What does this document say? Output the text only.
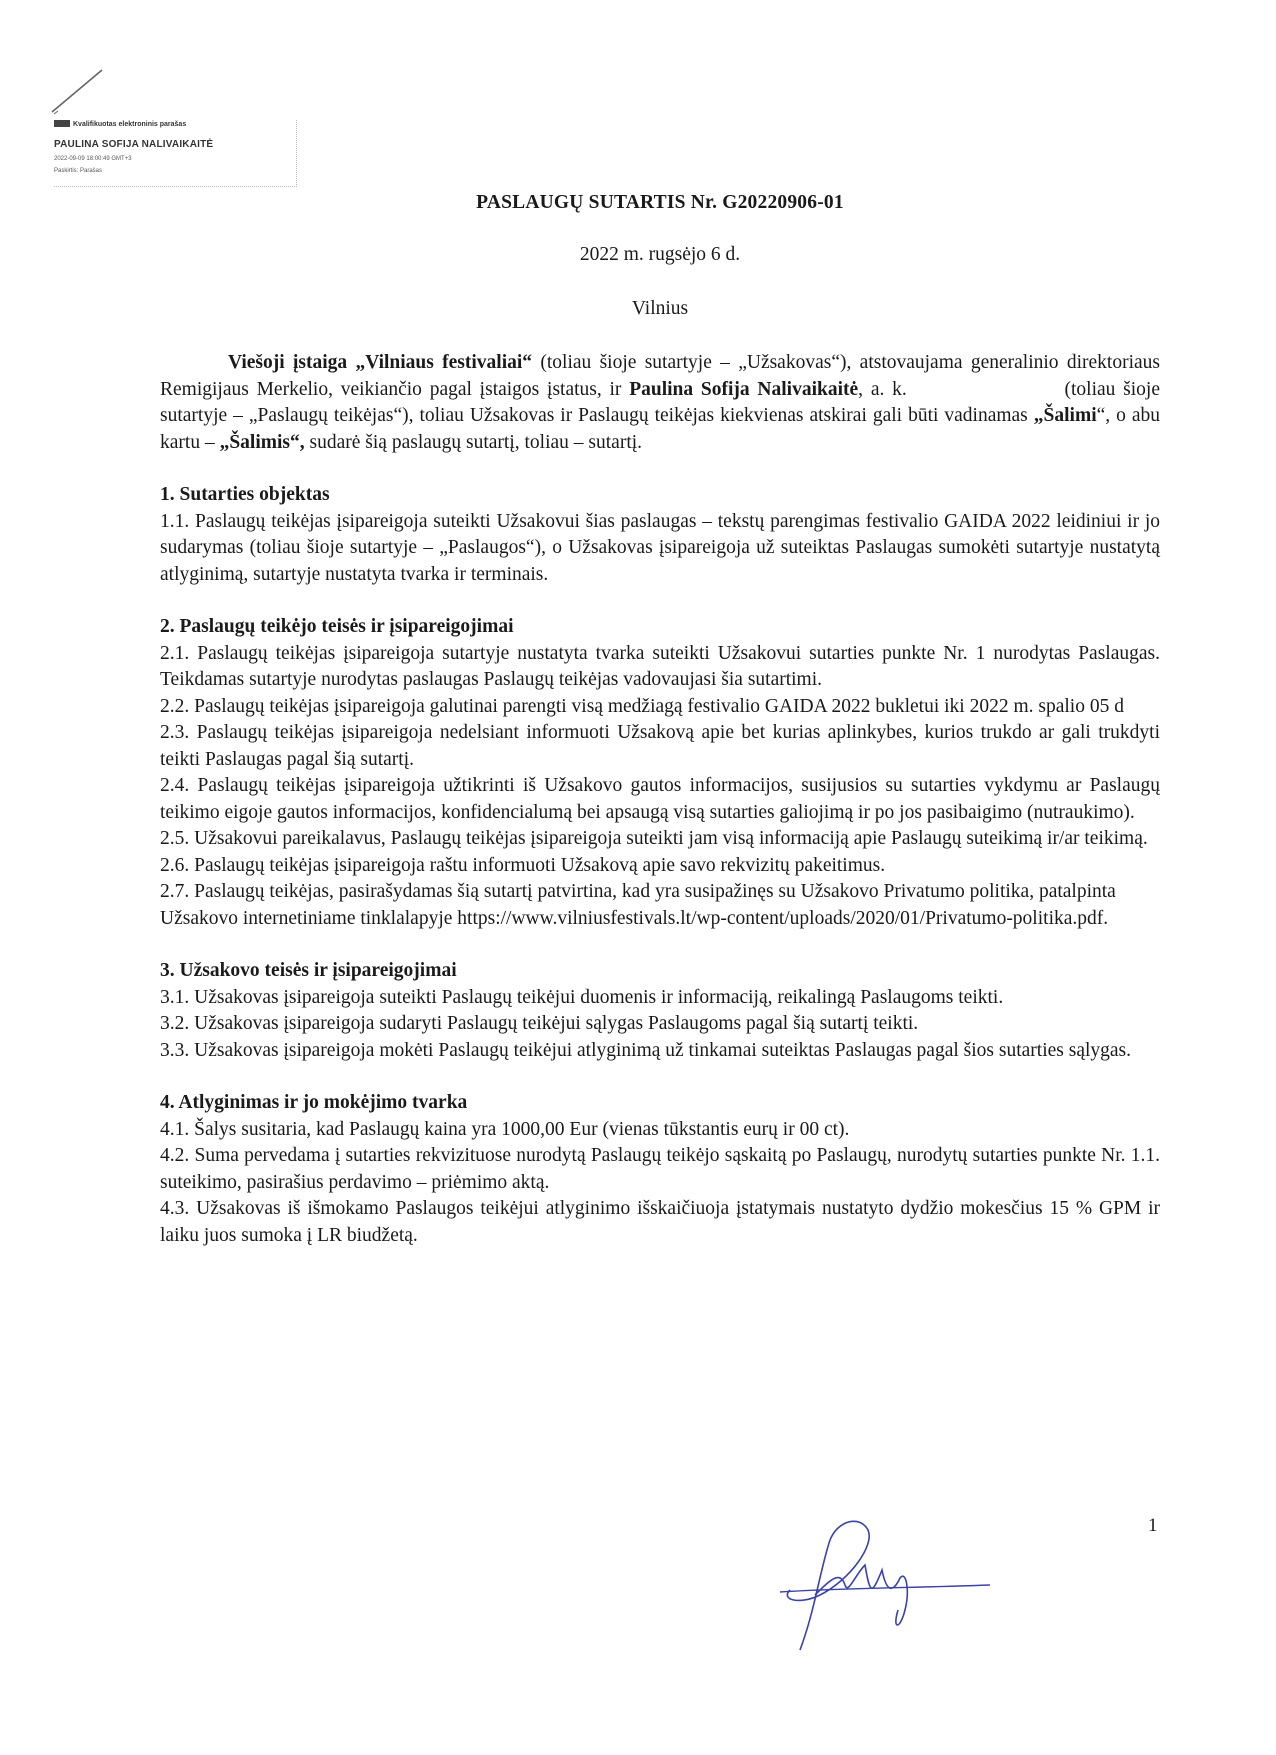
Kvalifikuotas elektroninis parašas
PAULINA SOFIJA NALIVAIKAITĖ
2022-09-09 18:00:49 GMT+3
Paskirtis: Parašas
PASLAUGŲ SUTARTIS Nr. G20220906-01
2022 m. rugsėjo 6 d.
Vilnius

Viešoji įstaiga „Vilniaus festivaliai“ (toliau šioje sutartyje – „Užsakovas“), atstovaujama generalinio direktoriaus Remigijaus Merkelio, veikiančio pagal įstaigos įstatus, ir Paulina Sofija Nalivaikaitė, a. k.	(toliau šioje sutartyje – „Paslaugų teikėjas“), toliau Užsakovas ir Paslaugų teikėjas kiekvienas atskirai gali būti vadinamas „Šalimi“, o abu kartu – „Šalimis“, sudarė šią paslaugų sutartį, toliau – sutartį.

1. Sutarties objektas

1.1. Paslaugų teikėjas įsipareigoja suteikti Užsakovui šias paslaugas – tekstų parengimas festivalio GAIDA 2022 leidiniui ir jo sudarymas (toliau šioje sutartyje – „Paslaugos“), o Užsakovas įsipareigoja už suteiktas Paslaugas sumokėti sutartyje nustatytą atlyginimą, sutartyje nustatyta tvarka ir terminais.

2. Paslaugų teikėjo teisės ir įsipareigojimai

2.1. Paslaugų teikėjas įsipareigoja sutartyje nustatyta tvarka suteikti Užsakovui sutarties punkte Nr. 1 nurodytas Paslaugas. Teikdamas sutartyje nurodytas paslaugas Paslaugų teikėjas vadovaujasi šia sutartimi.

2.2. Paslaugų teikėjas įsipareigoja galutinai parengti visą medžiagą festivalio GAIDA 2022 bukletui iki 2022 m. spalio 05 d

2.3. Paslaugų teikėjas įsipareigoja nedelsiant informuoti Užsakovą apie bet kurias aplinkybes, kurios trukdo ar gali trukdyti teikti Paslaugas pagal šią sutartį.

2.4. Paslaugų teikėjas įsipareigoja užtikrinti iš Užsakovo gautos informacijos, susijusios su sutarties vykdymu ar Paslaugų teikimo eigoje gautos informacijos, konfidencialumą bei apsaugą visą sutarties galiojimą ir po jos pasibaigimo (nutraukimo).

2.5. Užsakovui pareikalavus, Paslaugų teikėjas įsipareigoja suteikti jam visą informaciją apie Paslaugų suteikimą ir/ar teikimą.

2.6. Paslaugų teikėjas įsipareigoja raštu informuoti Užsakovą apie savo rekvizitų pakeitimus.

2.7. Paslaugų teikėjas, pasirašydamas šią sutartį patvirtina, kad yra susipažinęs su Užsakovo Privatumo politika, patalpinta Užsakovo internetiniame tinklalapyje https://www.vilniusfestivals.lt/wp-content/uploads/2020/01/Privatumo-politika.pdf.

3. Užsakovo teisės ir įsipareigojimai

3.1. Užsakovas įsipareigoja suteikti Paslaugų teikėjui duomenis ir informaciją, reikalingą Paslaugoms teikti.

3.2. Užsakovas įsipareigoja sudaryti Paslaugų teikėjui sąlygas Paslaugoms pagal šią sutartį teikti.

3.3. Užsakovas įsipareigoja mokėti Paslaugų teikėjui atlyginimą už tinkamai suteiktas Paslaugas pagal šios sutarties sąlygas.

4. Atlyginimas ir jo mokėjimo tvarka

4.1. Šalys susitaria, kad Paslaugų kaina yra 1000,00 Eur (vienas tūkstantis eurų ir 00 ct).

4.2. Suma pervedama į sutarties rekvizituose nurodytą Paslaugų teikėjo sąskaitą po Paslaugų, nurodytų sutarties punkte Nr. 1.1. suteikimo, pasirašius perdavimo – priėmimo aktą.

4.3. Užsakovas iš išmokamo Paslaugos teikėjui atlyginimo išskaičiuoja įstatymais nustatyto dydžio mokesčius 15 % GPM ir laiku juos sumoka į LR biudžetą.

1
